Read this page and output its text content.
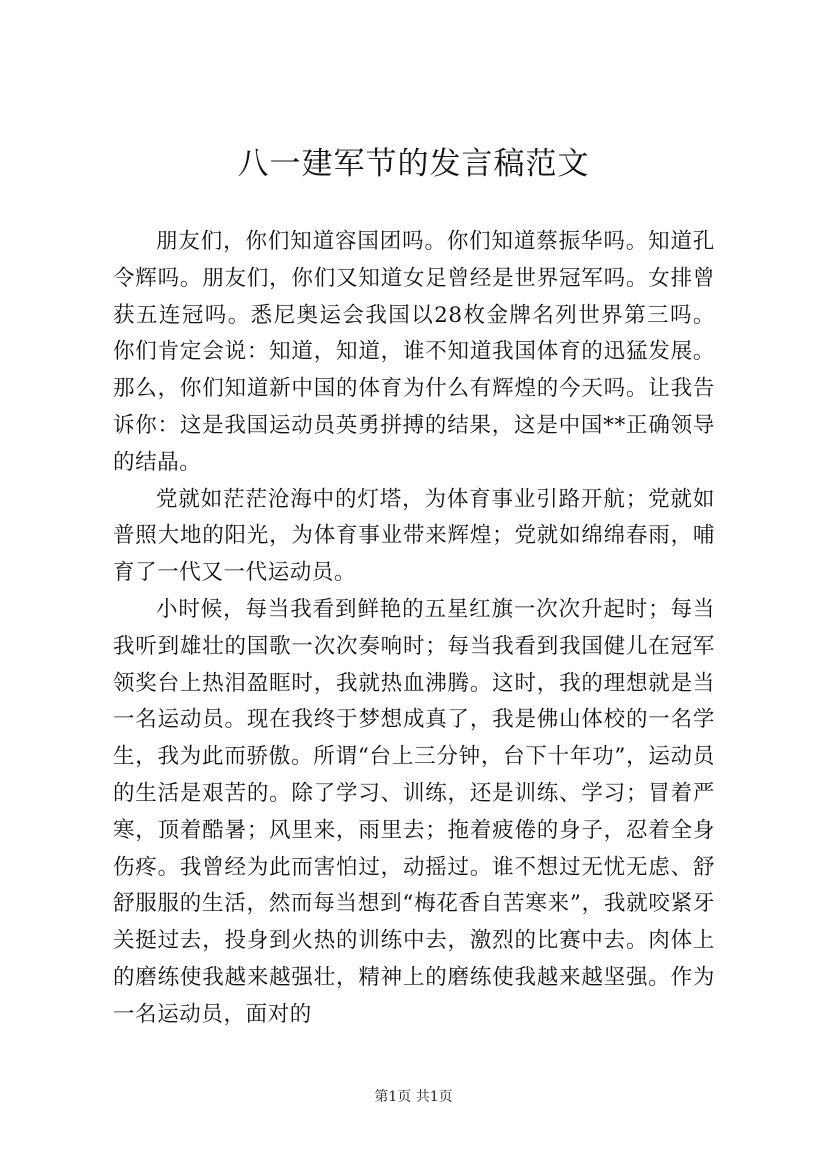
八一建军节的发言稿范文

朋友们，你们知道容国团吗。你们知道蔡振华吗。知道孔令辉吗。朋友们，你们又知道女足曾经是世界冠军吗。女排曾获五连冠吗。悉尼奥运会我国以28枚金牌名列世界第三吗。你们肯定会说：知道，知道，谁不知道我国体育的迅猛发展。那么，你们知道新中国的体育为什么有辉煌的今天吗。让我告诉你：这是我国运动员英勇拼搏的结果，这是中国**正确领导的结晶。

党就如茫茫沧海中的灯塔，为体育事业引路开航；党就如普照大地的阳光，为体育事业带来辉煌；党就如绵绵春雨，哺育了一代又一代运动员。

小时候，每当我看到鲜艳的五星红旗一次次升起时；每当我听到雄壮的国歌一次次奏响时；每当我看到我国健儿在冠军领奖台上热泪盈眶时，我就热血沸腾。这时，我的理想就是当一名运动员。现在我终于梦想成真了，我是佛山体校的一名学生，我为此而骄傲。所谓“台上三分钟，台下十年功”，运动员的生活是艰苦的。除了学习、训练，还是训练、学习；冒着严寒，顶着酷暑；风里来，雨里去；拖着疲倦的身子，忍着全身伤疼。我曾经为此而害怕过，动摇过。谁不想过无忧无虑、舒舒服服的生活，然而每当想到“梅花香自苦寒来”，我就咬紧牙关挺过去，投身到火热的训练中去，激烈的比赛中去。肉体上的磨练使我越来越强壮，精神上的磨练使我越来越坚强。作为一名运动员，面对的

第1页 共1页
